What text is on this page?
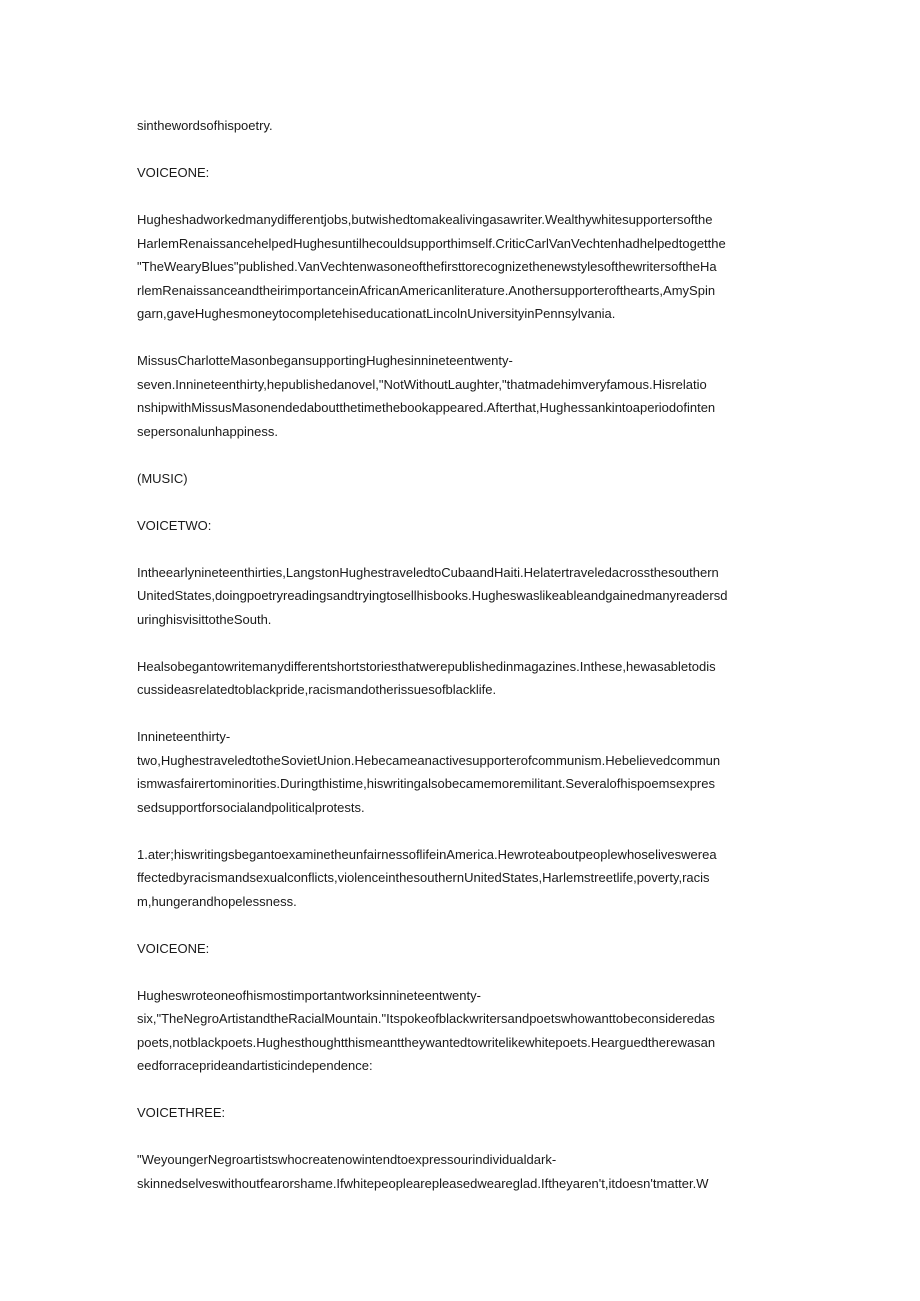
sinthewordsofhispoetry.
VOICEONE:
Hugheshadworkedmanydifferentjobs,butwishedtomakealivingasawriter.Wealthywhitesupportersofthe
HarlemRenaissancehelpedHughesuntilhecouldsupporthimself.CriticCarlVanVechtenhadhelpedtogetthe
"TheWearyBlues"published.VanVechtenwasoneofthefirsttorecognizethenewstylesofthewritersoftheHa
rlemRenaissanceandtheirimportanceinAfricanAmericanliterature.Anothersupporterofthearts,AmySpin
garn,gaveHughesmoneytocompletehiseducationatLincolnUniversityinPennsylvania.
MissusCharlotteMasonbegansupportingHughesinnineteentwenty-
seven.Innineteenthirty,hepublishedanovel,"NotWithoutLaughter,"thatmadehimveryfamous.Hisrelatio
nshipwithMissusMasonendedaboutthetimethebookappeared.Afterthat,Hughessankintoaperiodofinten
sepersonalunhappiness.
(MUSIC)
VOICETWO:
Intheearlynineteenthirties,LangstonHughestraveledtoCubaandHaiti.Helatertraveledacrossthesouthern
UnitedStates,doingpoetryreadingsandtryingtosellhisbooks.Hugheswaslikeableandgainedmanyreadersd
uringhisvisittotheSouth.
Healsobegantowritemanydifferentshortstoriesthatwerepublishedinmagazines.Inthese,hewasabletodis
cussideasrelatedtoblackpride,racismandotherissuesofblacklife.
Innineteenthirty-
two,HughestraveledtotheSovietUnion.Hebecameanactivesupporterofcommunism.Hebelievedcommun
ismwasfairertominorities.Duringthistime,hiswritingalsobecamemoremilitant.Severalofhispoemsexpres
sedsupportforsocialandpoliticalprotests.
1.ater;hiswritingsbegantoexaminetheunfairnessoflifeinAmerica.Hewroteaboutpeoplewhoseliveswerea
ffectedbyracismandsexualconflicts,violenceinthesouthernUnitedStates,Harlemstreetlife,poverty,racis
m,hungerandhopelessness.
VOICEONE:
Hugheswroteoneofhismostimportantworksinnineteentwenty-
six,"TheNegroArtistandtheRacialMountain."Itspokeofblackwritersandpoetswhowanttobeconsideredas
poets,notblackpoets.Hughesthoughtthismeanttheywantedtowritelikewhitepoets.Hearguedtherewasan
eedforraceprideandartisticindependence:
VOICETHREE:
"WeyoungerNegroartistswhocreatenowintendtoexpressourindividualdark-
skinnedselveswithoutfearorshame.Ifwhitepeoplearepleasedweareglad.Iftheyaren't,itdoesn'tmatter.W
